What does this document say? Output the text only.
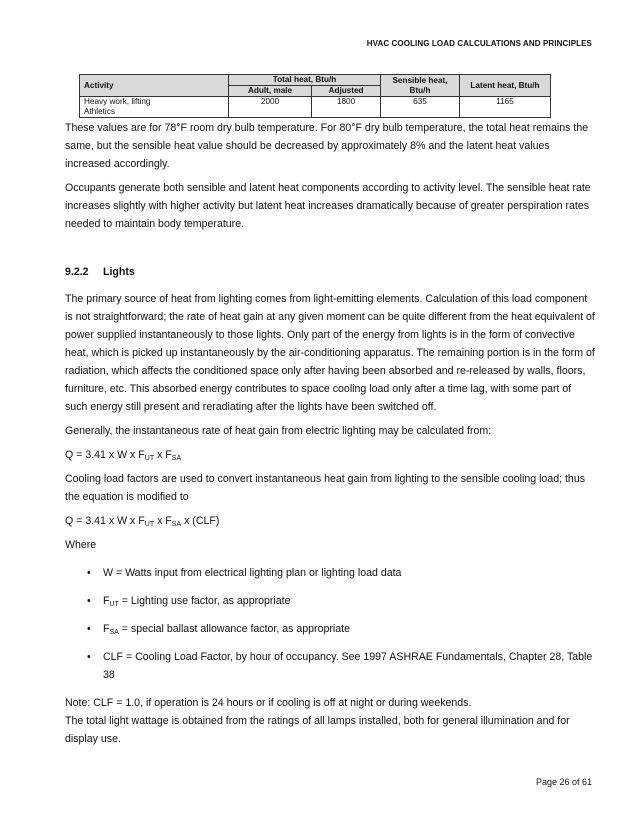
HVAC COOLING LOAD CALCULATIONS AND PRINCIPLES
Activity	Total heat, Btu/h		Sensible heat, Btu/h	Latent heat, Btu/h
	Adult, male	Adjusted		

Heavy work, lifting
Athletics	2000	1800	635	1165

These values are for 78°F room dry bulb temperature. For 80°F dry bulb temperature, the total heat remains the same, but the sensible heat value should be decreased by approximately 8% and the latent heat values increased accordingly.

Occupants generate both sensible and latent heat components according to activity level. The sensible heat rate increases slightly with higher activity but latent heat increases dramatically because of greater perspiration rates needed to maintain body temperature.

9.2.2 Lights

The primary source of heat from lighting comes from light-emitting elements. Calculation of this load component is not straightforward; the rate of heat gain at any given moment can be quite different from the heat equivalent of power supplied instantaneously to those lights. Only part of the energy from lights is in the form of convective heat, which is picked up instantaneously by the air-conditioning apparatus. The remaining portion is in the form of radiation, which affects the conditioned space only after having been absorbed and re-released by walls, floors, furniture, etc. This absorbed energy contributes to space cooling load only after a time lag, with some part of such energy still present and reradiating after the lights have been switched off.

Generally, the instantaneous rate of heat gain from electric lighting may be calculated from:

Q = 3.41 x W x $F_{UT}$ x $F_{SA}$

Cooling load factors are used to convert instantaneous heat gain from lighting to the sensible cooling load; thus the equation is modified to

Q = 3.41 x W x $F_{UT}$ x $F_{SA}$ x (CLF)

Where

• W = Watts input from electrical lighting plan or lighting load data
• $F_{UT}$ = Lighting use factor, as appropriate
• $F_{SA}$ = special ballast allowance factor, as appropriate
• CLF = Cooling Load Factor, by hour of occupancy. See 1997 ASHRAE Fundamentals, Chapter 28, Table 38

Note: CLF = 1.0, if operation is 24 hours or if cooling is off at night or during weekends.

The total light wattage is obtained from the ratings of all lamps installed, both for general illumination and for display use.

Page 26 of 61
